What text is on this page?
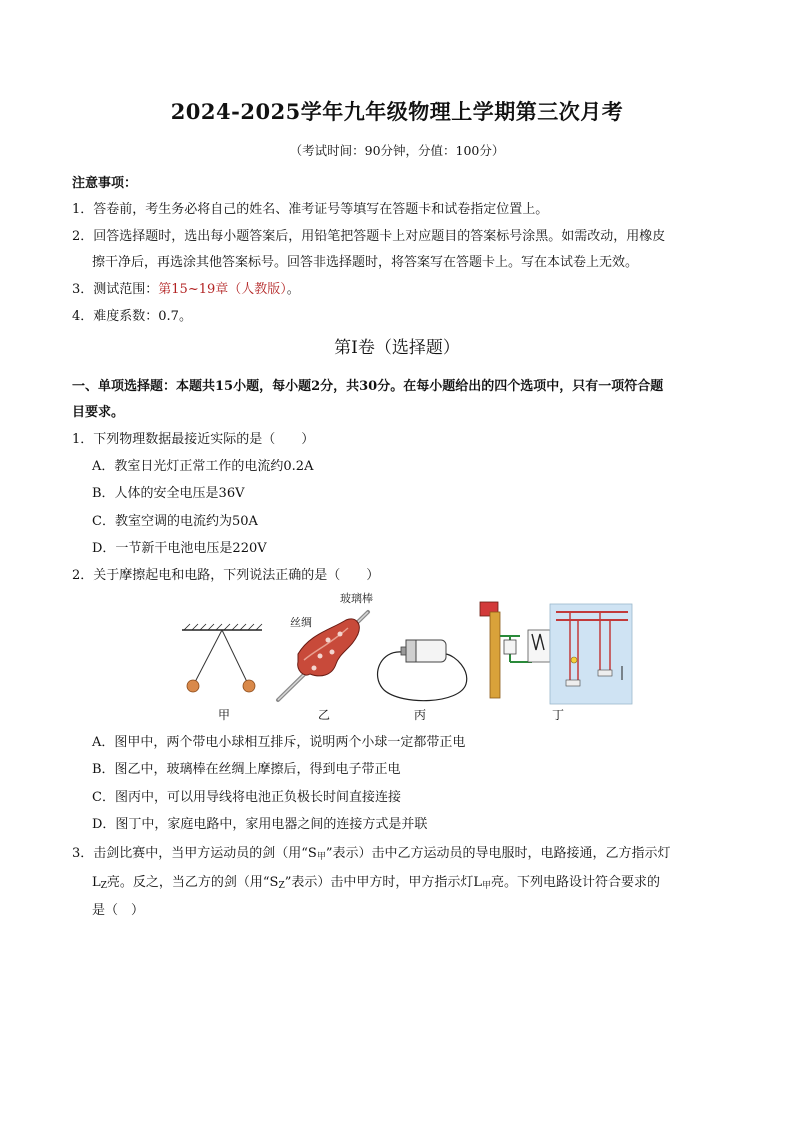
2024-2025学年九年级物理上学期第三次月考
（考试时间：90分钟，分值：100分）
注意事项：
1．答卷前，考生务必将自己的姓名、准考证号等填写在答题卡和试卷指定位置上。
2．回答选择题时，选出每小题答案后，用铅笔把答题卡上对应题目的答案标号涂黑。如需改动，用橡皮
擦干净后，再选涂其他答案标号。回答非选择题时，将答案写在答题卡上。写在本试卷上无效。
3．测试范围：第15~19章（人教版）。
4．难度系数：0.7。
第Ⅰ卷（选择题）
一、单项选择题：本题共15小题，每小题2分，共30分。在每小题给出的四个选项中，只有一项符合题
目要求。
1．下列物理数据最接近实际的是（　　）
A．教室日光灯正常工作的电流约0.2A
B．人体的安全电压是36V
C．教室空调的电流约为50A
D．一节新干电池电压是220V
2．关于摩擦起电和电路，下列说法正确的是（　　）
丝绸
玻璃棒
甲	乙	丙	丁
A．图甲中，两个带电小球相互排斥，说明两个小球一定都带正电
B．图乙中，玻璃棒在丝绸上摩擦后，得到电子带正电
C．图丙中，可以用导线将电池正负极长时间直接连接
D．图丁中，家庭电路中，家用电器之间的连接方式是并联
3．击剑比赛中，当甲方运动员的剑（用“$S_甲$”表示）击中乙方运动员的导电服时，电路接通，乙方指示灯
$L_Z$亮。反之，当乙方的剑（用“$S_Z$”表示）击中甲方时，甲方指示灯$L_甲$亮。下列电路设计符合要求的
是（　）
